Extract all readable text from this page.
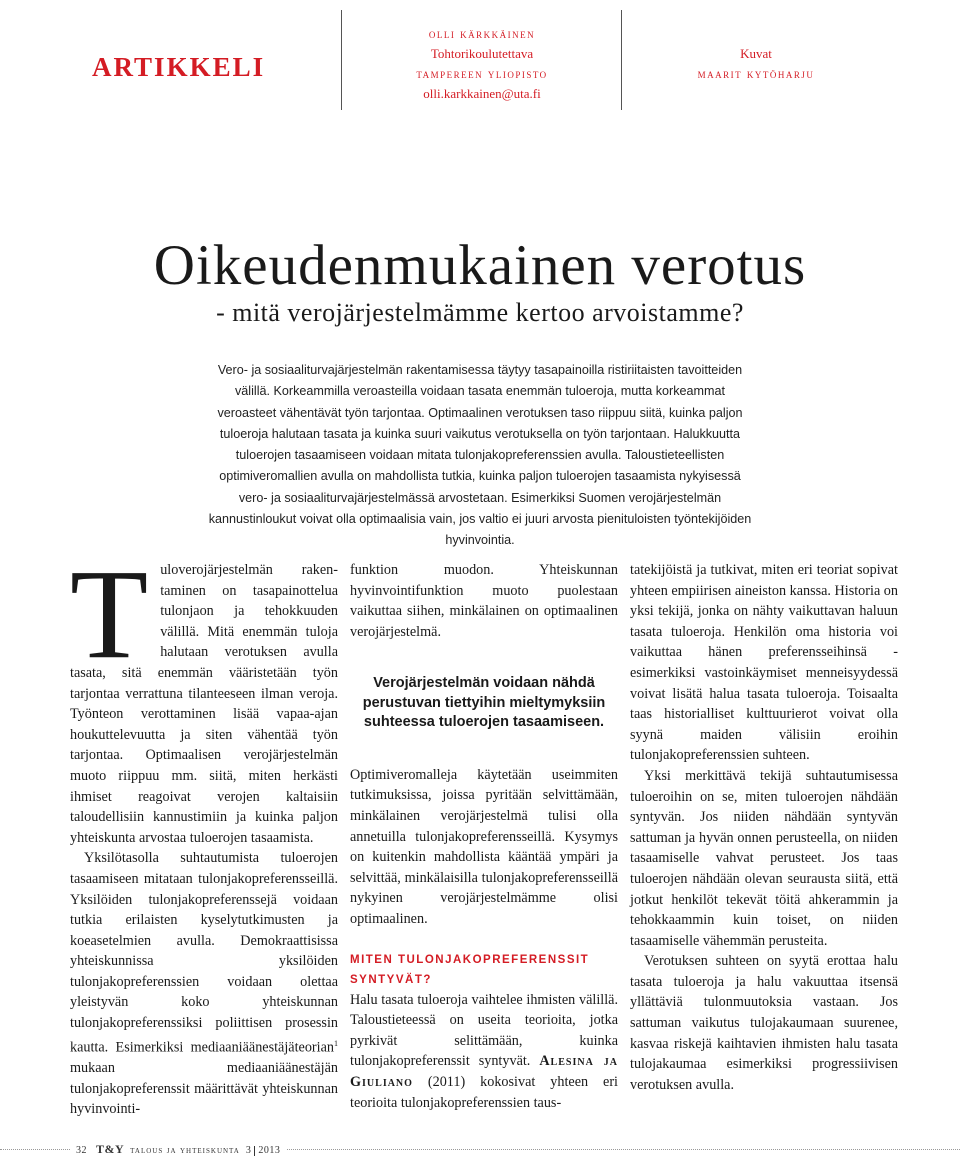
ARTIKKELI
olli kärkkäinen
Tohtorikoulutettava
tampereen yliopisto
olli.karkkainen@uta.fi
Kuvat
maarit kytöharju
Oikeudenmukainen verotus
- mitä verojärjestelmämme kertoo arvoistamme?
Vero- ja sosiaaliturvajärjestelmän rakentamisessa täytyy tasapainoilla ristiriitaisten tavoitteiden välillä. Korkeammilla veroasteilla voidaan tasata enemmän tuloeroja, mutta korkeammat veroasteet vähentävät työn tarjontaa. Optimaalinen verotuksen taso riippuu siitä, kuinka paljon tuloeroja halutaan tasata ja kuinka suuri vaikutus verotuksella on työn tarjontaan. Halukkuutta tuloerojen tasaamiseen voidaan mitata tulonjakopreferenssien avulla. Taloustieteellisten optimiveromallien avulla on mahdollista tutkia, kuinka paljon tuloerojen tasaamista nykyisessä vero- ja sosiaaliturvajärjestelmässä arvostetaan. Esimerkiksi Suomen verojärjestelmän kannustinloukut voivat olla optimaalisia vain, jos valtio ei juuri arvosta pienituloisten työntekijöiden hyvinvointia.

Tuloverojärjestelmän raken-taminen on tasapainottelua tulonjaon ja tehokkuuden välillä. Mitä enemmän tuloja halutaan verotuksen avulla tasata, sitä enemmän vääristetään työn tarjontaa verrattuna tilanteeseen ilman veroja. Työnteon verottaminen lisää vapaa-ajan houkuttelevuutta ja siten vähentää työn tarjontaa. Optimaalisen verojärjestelmän muoto riippuu mm. siitä, miten herkästi ihmiset reagoivat verojen kaltaisiin taloudellisiin kannustimiin ja kuinka paljon yhteiskunta arvostaa tuloerojen tasaamista.

Yksilötasolla suhtautumista tuloerojen tasaamiseen mitataan tulonjakopreferensseillä. Yksilöiden tulonjakopreferenssejä voidaan tutkia erilaisten kyselytutkimusten ja koeasetelmien avulla. Demokraattisissa yhteiskunnissa yksilöiden tulonjakopreferenssien voidaan olettaa yleistyvän koko yhteiskunnan tulonjakopreferenssiksi poliittisen prosessin kautta. Esimerkiksi mediaaniäänestäjäteorian$^1$ mukaan mediaaniäänestäjän tulonjakopreferenssit määrittävät yhteiskunnan hyvinvointi-

funktion muodon. Yhteiskunnan hyvinvointifunktion muoto puolestaan vaikuttaa siihen, minkälainen on optimaalinen verojärjestelmä.

Verojärjestelmän voidaan nähdä perustuvan tiettyihin mieltymyksiin suhteessa tuloerojen tasaamiseen.

Optimiveromalleja käytetään useimmiten tutkimuksissa, joissa pyritään selvittämään, minkälainen verojärjestelmä tulisi olla annetuilla tulonjakopreferensseillä. Kysymys on kuitenkin mahdollista kääntää ympäri ja selvittää, minkälaisilla tulonjakopreferensseillä nykyinen verojärjestelmämme olisi optimaalinen.

MITEN TULONJAKOPREFERENSSIT SYNTYVÄT?

Halu tasata tuloeroja vaihtelee ihmisten välillä. Taloustieteessä on useita teorioita, jotka pyrkivät selittämään, kuinka tulonjakopreferenssit syntyvät. Alesina ja Giuliano (2011) kokosivat yhteen eri teorioita tulonjakopreferenssien taus-

tatekijöistä ja tutkivat, miten eri teoriat sopivat yhteen empiirisen aineiston kanssa. Historia on yksi tekijä, jonka on nähty vaikuttavan haluun tasata tuloeroja. Henkilön oma historia voi vaikuttaa hänen preferensseihinsä - esimerkiksi vastoinkäymiset menneisyydessä voivat lisätä halua tasata tuloeroja. Toisaalta taas historialliset kulttuurierot voivat olla syynä maiden välisiin eroihin tulonjakopreferenssien suhteen.

Yksi merkittävä tekijä suhtautumisessa tuloeroihin on se, miten tuloerojen nähdään syntyvän. Jos niiden nähdään syntyvän sattuman ja hyvän onnen perusteella, on niiden tasaamiselle vahvat perusteet. Jos taas tuloerojen nähdään olevan seurausta siitä, että jotkut henkilöt tekevät töitä ahkerammin ja tehokkaammin kuin toiset, on niiden tasaamiselle vähemmän perusteita.

Verotuksen suhteen on syytä erottaa halu tasata tuloeroja ja halu vakuuttaa itsensä yllättäviä tulonmuutoksia vastaan. Jos sattuman vaikutus tulojakaumaan suurenee, kasvaa riskejä kaihtavien ihmisten halu tasata tulojakaumaa esimerkiksi progressiivisen verotuksen avulla.

32 T&Y talous ja yhteiskunta 3 2013
